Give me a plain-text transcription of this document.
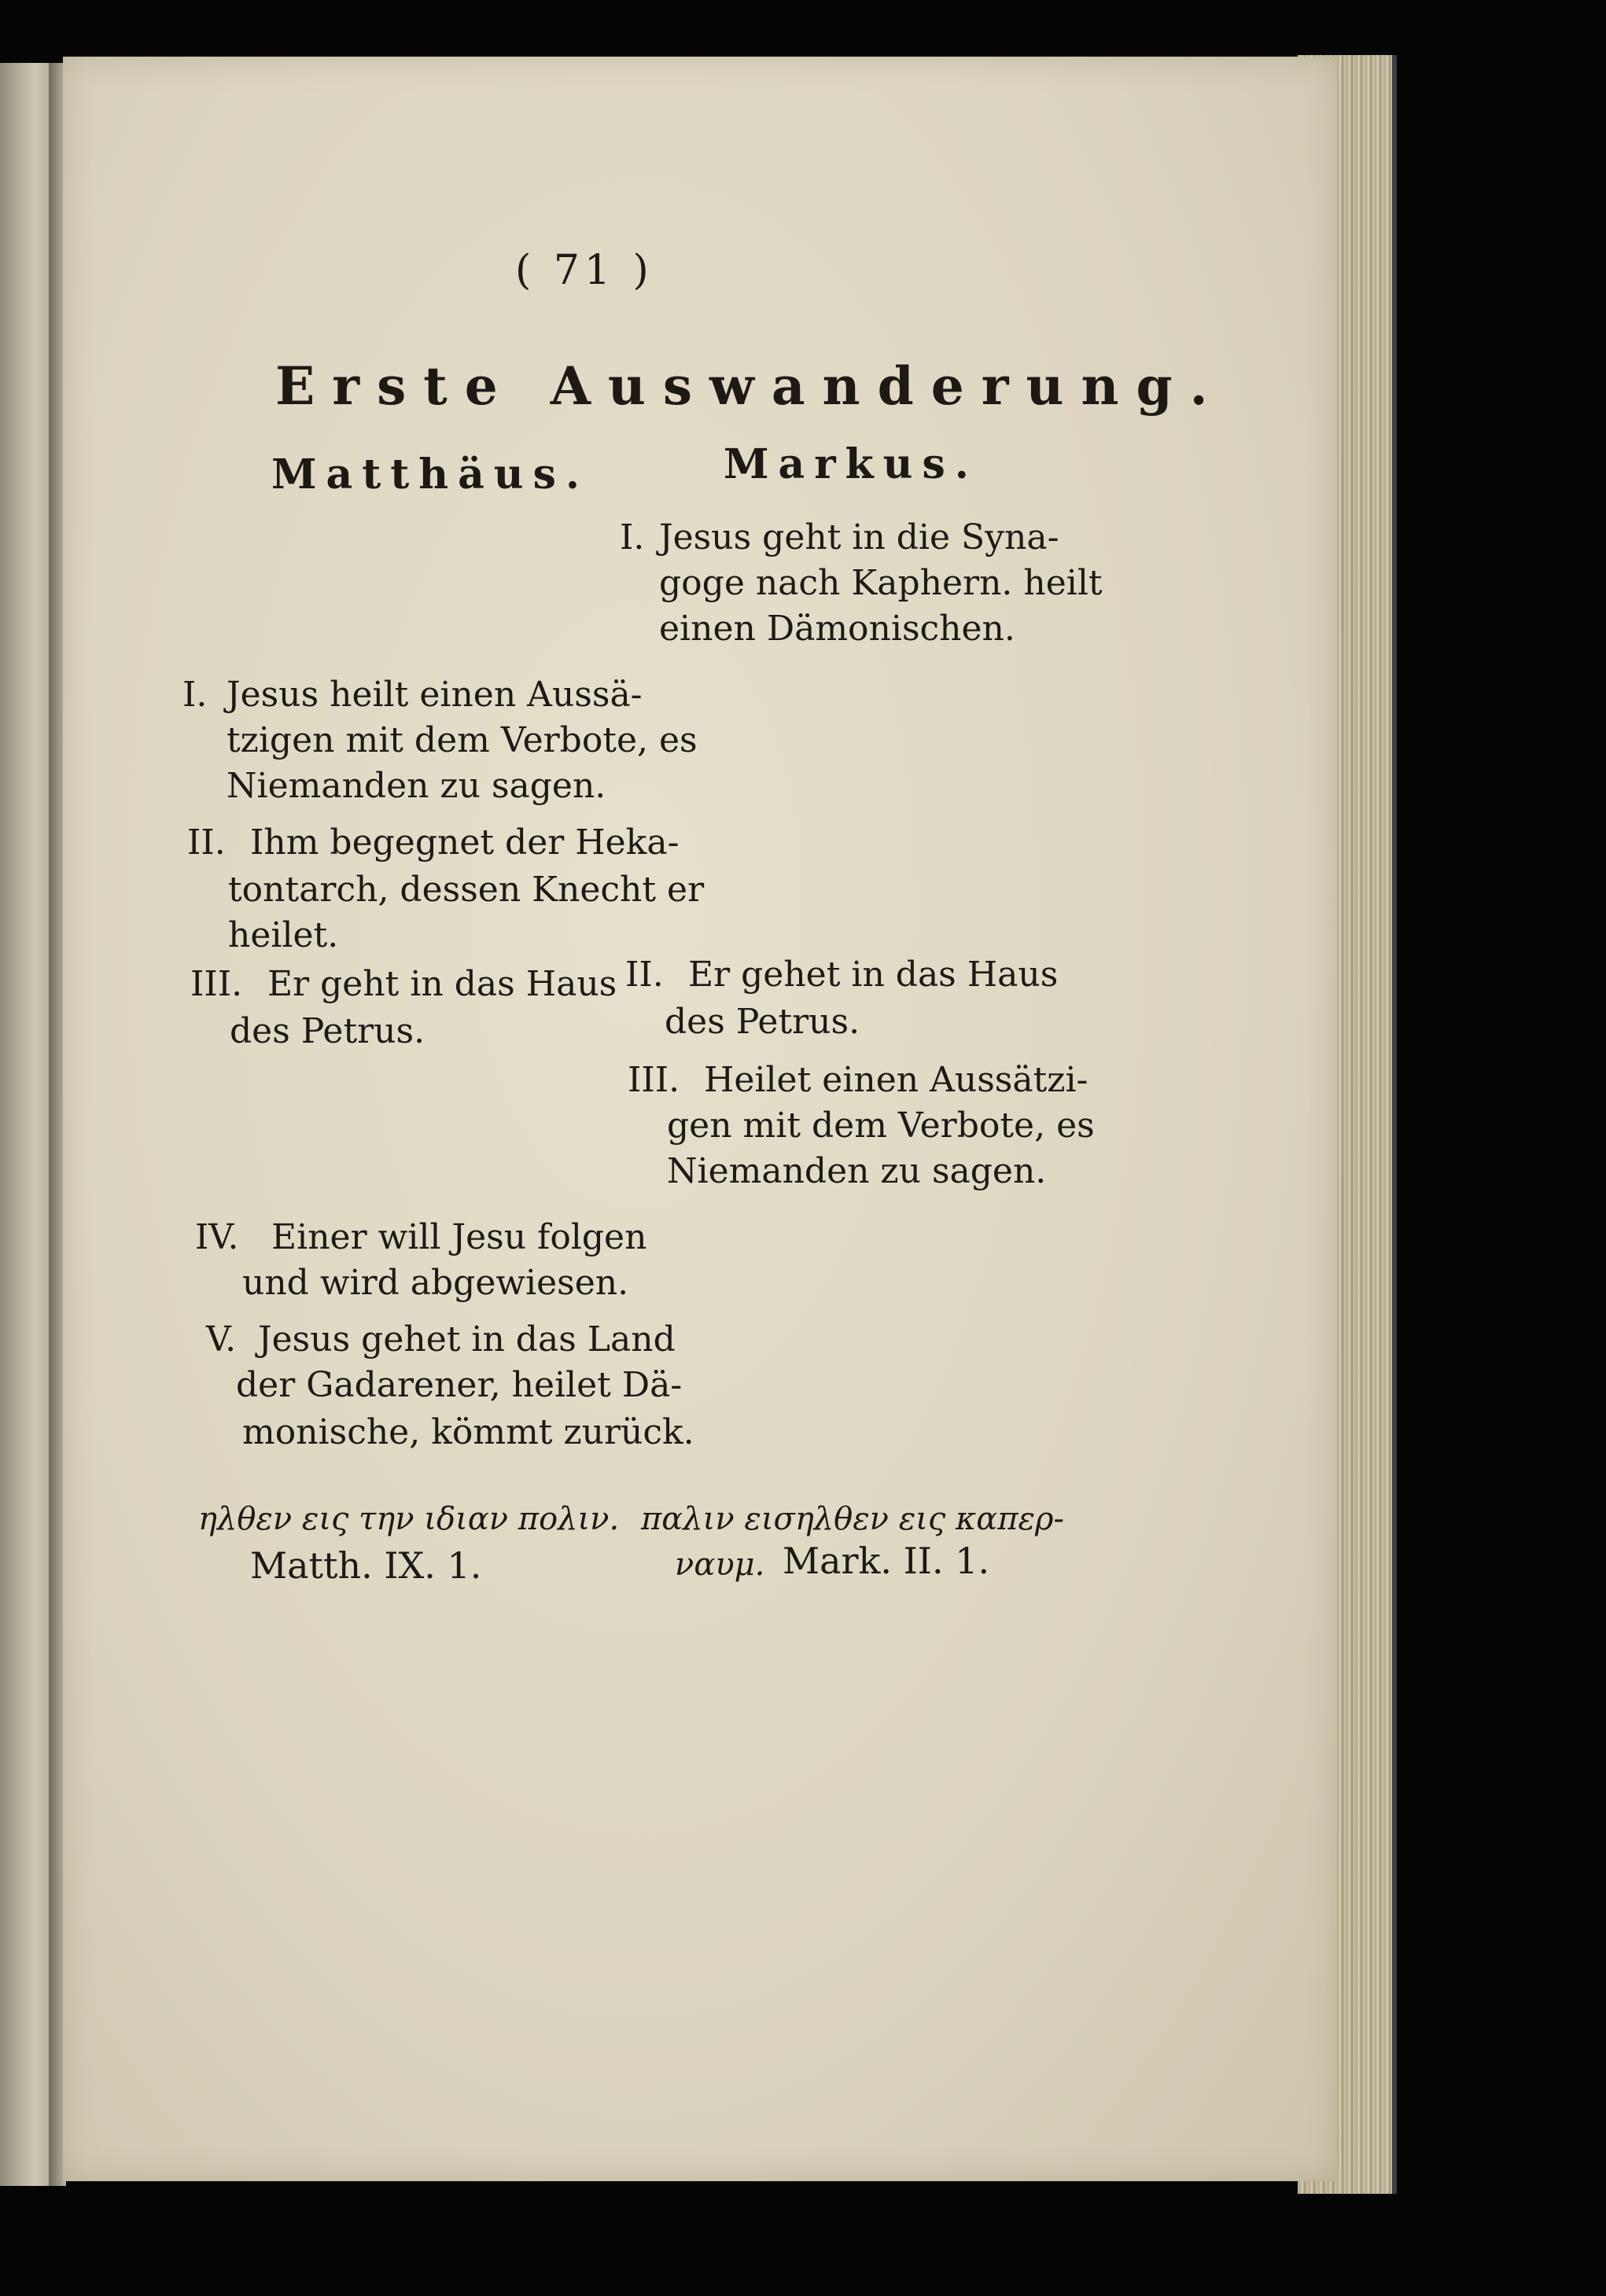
( 71 )
Erste Auswanderung.
Matthäus.	Markus.
I. Jesus geht in die Syna-
goge nach Kaphern. heilt
einen Dämonischen.
I. Jesus heilt einen Aussä-
tzigen mit dem Verbote, es
Niemanden zu sagen.
II. Ihm begegnet der Heka-
tontarch, dessen Knecht er
heilet.
III. Er geht in das Haus
des Petrus.
II. Er gehet in das Haus
des Petrus.
III. Heilet einen Aussätzi-
gen mit dem Verbote, es
Niemanden zu sagen.
IV. Einer will Jesu folgen
und wird abgewiesen.
V. Jesus gehet in das Land
der Gadarener, heilet Dä-
monische, kömmt zurück.
ηλθεν εις την ιδιαν πολιν.
Matth. IX. 1.
παλιν εισηλθεν εις καπερ-
ναυμ. Mark. II. 1.
